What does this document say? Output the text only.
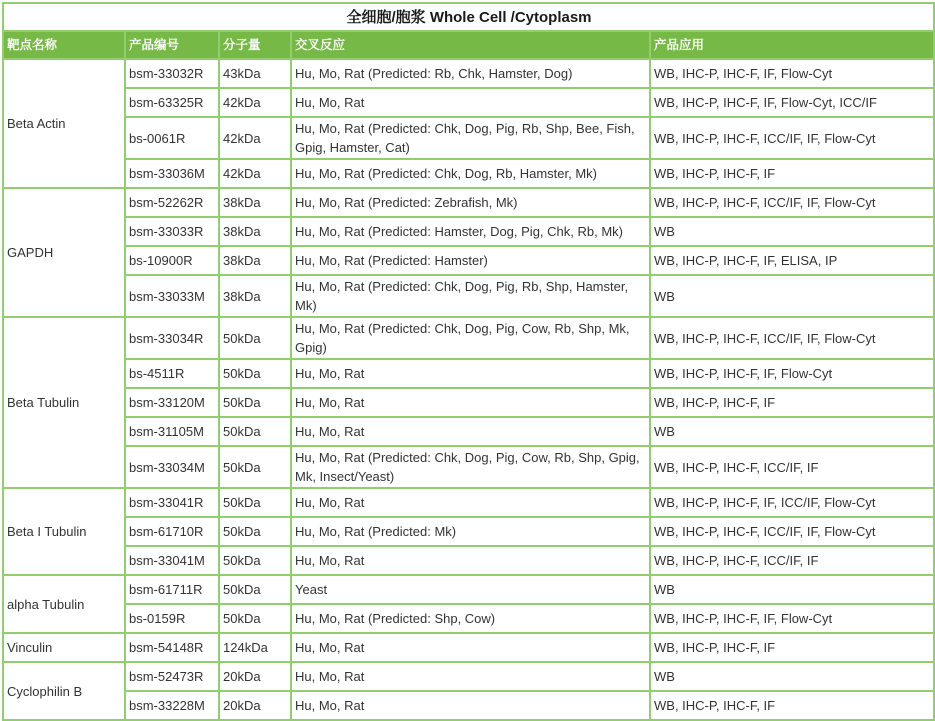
全细胞/胞浆 Whole Cell /Cytoplasm				
靶点名称	产品编号	分子量	交叉反应	产品应用
Beta Actin	bsm-33032R	43kDa	Hu, Mo, Rat (Predicted: Rb, Chk, Hamster, Dog)	WB, IHC-P, IHC-F, IF, Flow-Cyt
	bsm-63325R	42kDa	Hu, Mo, Rat	WB, IHC-P, IHC-F, IF, Flow-Cyt, ICC/IF
	bs-0061R	42kDa	Hu, Mo, Rat (Predicted: Chk, Dog, Pig, Rb, Shp, Bee, Fish, Gpig, Hamster, Cat)	WB, IHC-P, IHC-F, ICC/IF, IF, Flow-Cyt
	bsm-33036M	42kDa	Hu, Mo, Rat (Predicted: Chk, Dog, Rb, Hamster, Mk)	WB, IHC-P, IHC-F, IF
GAPDH	bsm-52262R	38kDa	Hu, Mo, Rat (Predicted: Zebrafish, Mk)	WB, IHC-P, IHC-F, ICC/IF, IF, Flow-Cyt
	bsm-33033R	38kDa	Hu, Mo, Rat (Predicted: Hamster, Dog, Pig, Chk, Rb, Mk)	WB
	bs-10900R	38kDa	Hu, Mo, Rat (Predicted: Hamster)	WB, IHC-P, IHC-F, IF, ELISA, IP
	bsm-33033M	38kDa	Hu, Mo, Rat (Predicted: Chk, Dog, Pig, Rb, Shp, Hamster, Mk)	WB
Beta Tubulin	bsm-33034R	50kDa	Hu, Mo, Rat (Predicted: Chk, Dog, Pig, Cow, Rb, Shp, Mk, Gpig)	WB, IHC-P, IHC-F, ICC/IF, IF, Flow-Cyt
	bs-4511R	50kDa	Hu, Mo, Rat	WB, IHC-P, IHC-F, IF, Flow-Cyt
	bsm-33120M	50kDa	Hu, Mo, Rat	WB, IHC-P, IHC-F, IF
	bsm-31105M	50kDa	Hu, Mo, Rat	WB
	bsm-33034M	50kDa	Hu, Mo, Rat (Predicted: Chk, Dog, Pig, Cow, Rb, Shp, Gpig, Mk, Insect/Yeast)	WB, IHC-P, IHC-F, ICC/IF, IF
Beta I Tubulin	bsm-33041R	50kDa	Hu, Mo, Rat	WB, IHC-P, IHC-F, IF, ICC/IF, Flow-Cyt
	bsm-61710R	50kDa	Hu, Mo, Rat (Predicted: Mk)	WB, IHC-P, IHC-F, ICC/IF, IF, Flow-Cyt
	bsm-33041M	50kDa	Hu, Mo, Rat	WB, IHC-P, IHC-F, ICC/IF, IF
alpha Tubulin	bsm-61711R	50kDa	Yeast	WB
	bs-0159R	50kDa	Hu, Mo, Rat (Predicted: Shp, Cow)	WB, IHC-P, IHC-F, IF, Flow-Cyt
Vinculin	bsm-54148R	124kDa	Hu, Mo, Rat	WB, IHC-P, IHC-F, IF
Cyclophilin B	bsm-52473R	20kDa	Hu, Mo, Rat	WB
	bsm-33228M	20kDa	Hu, Mo, Rat	WB, IHC-P, IHC-F, IF
